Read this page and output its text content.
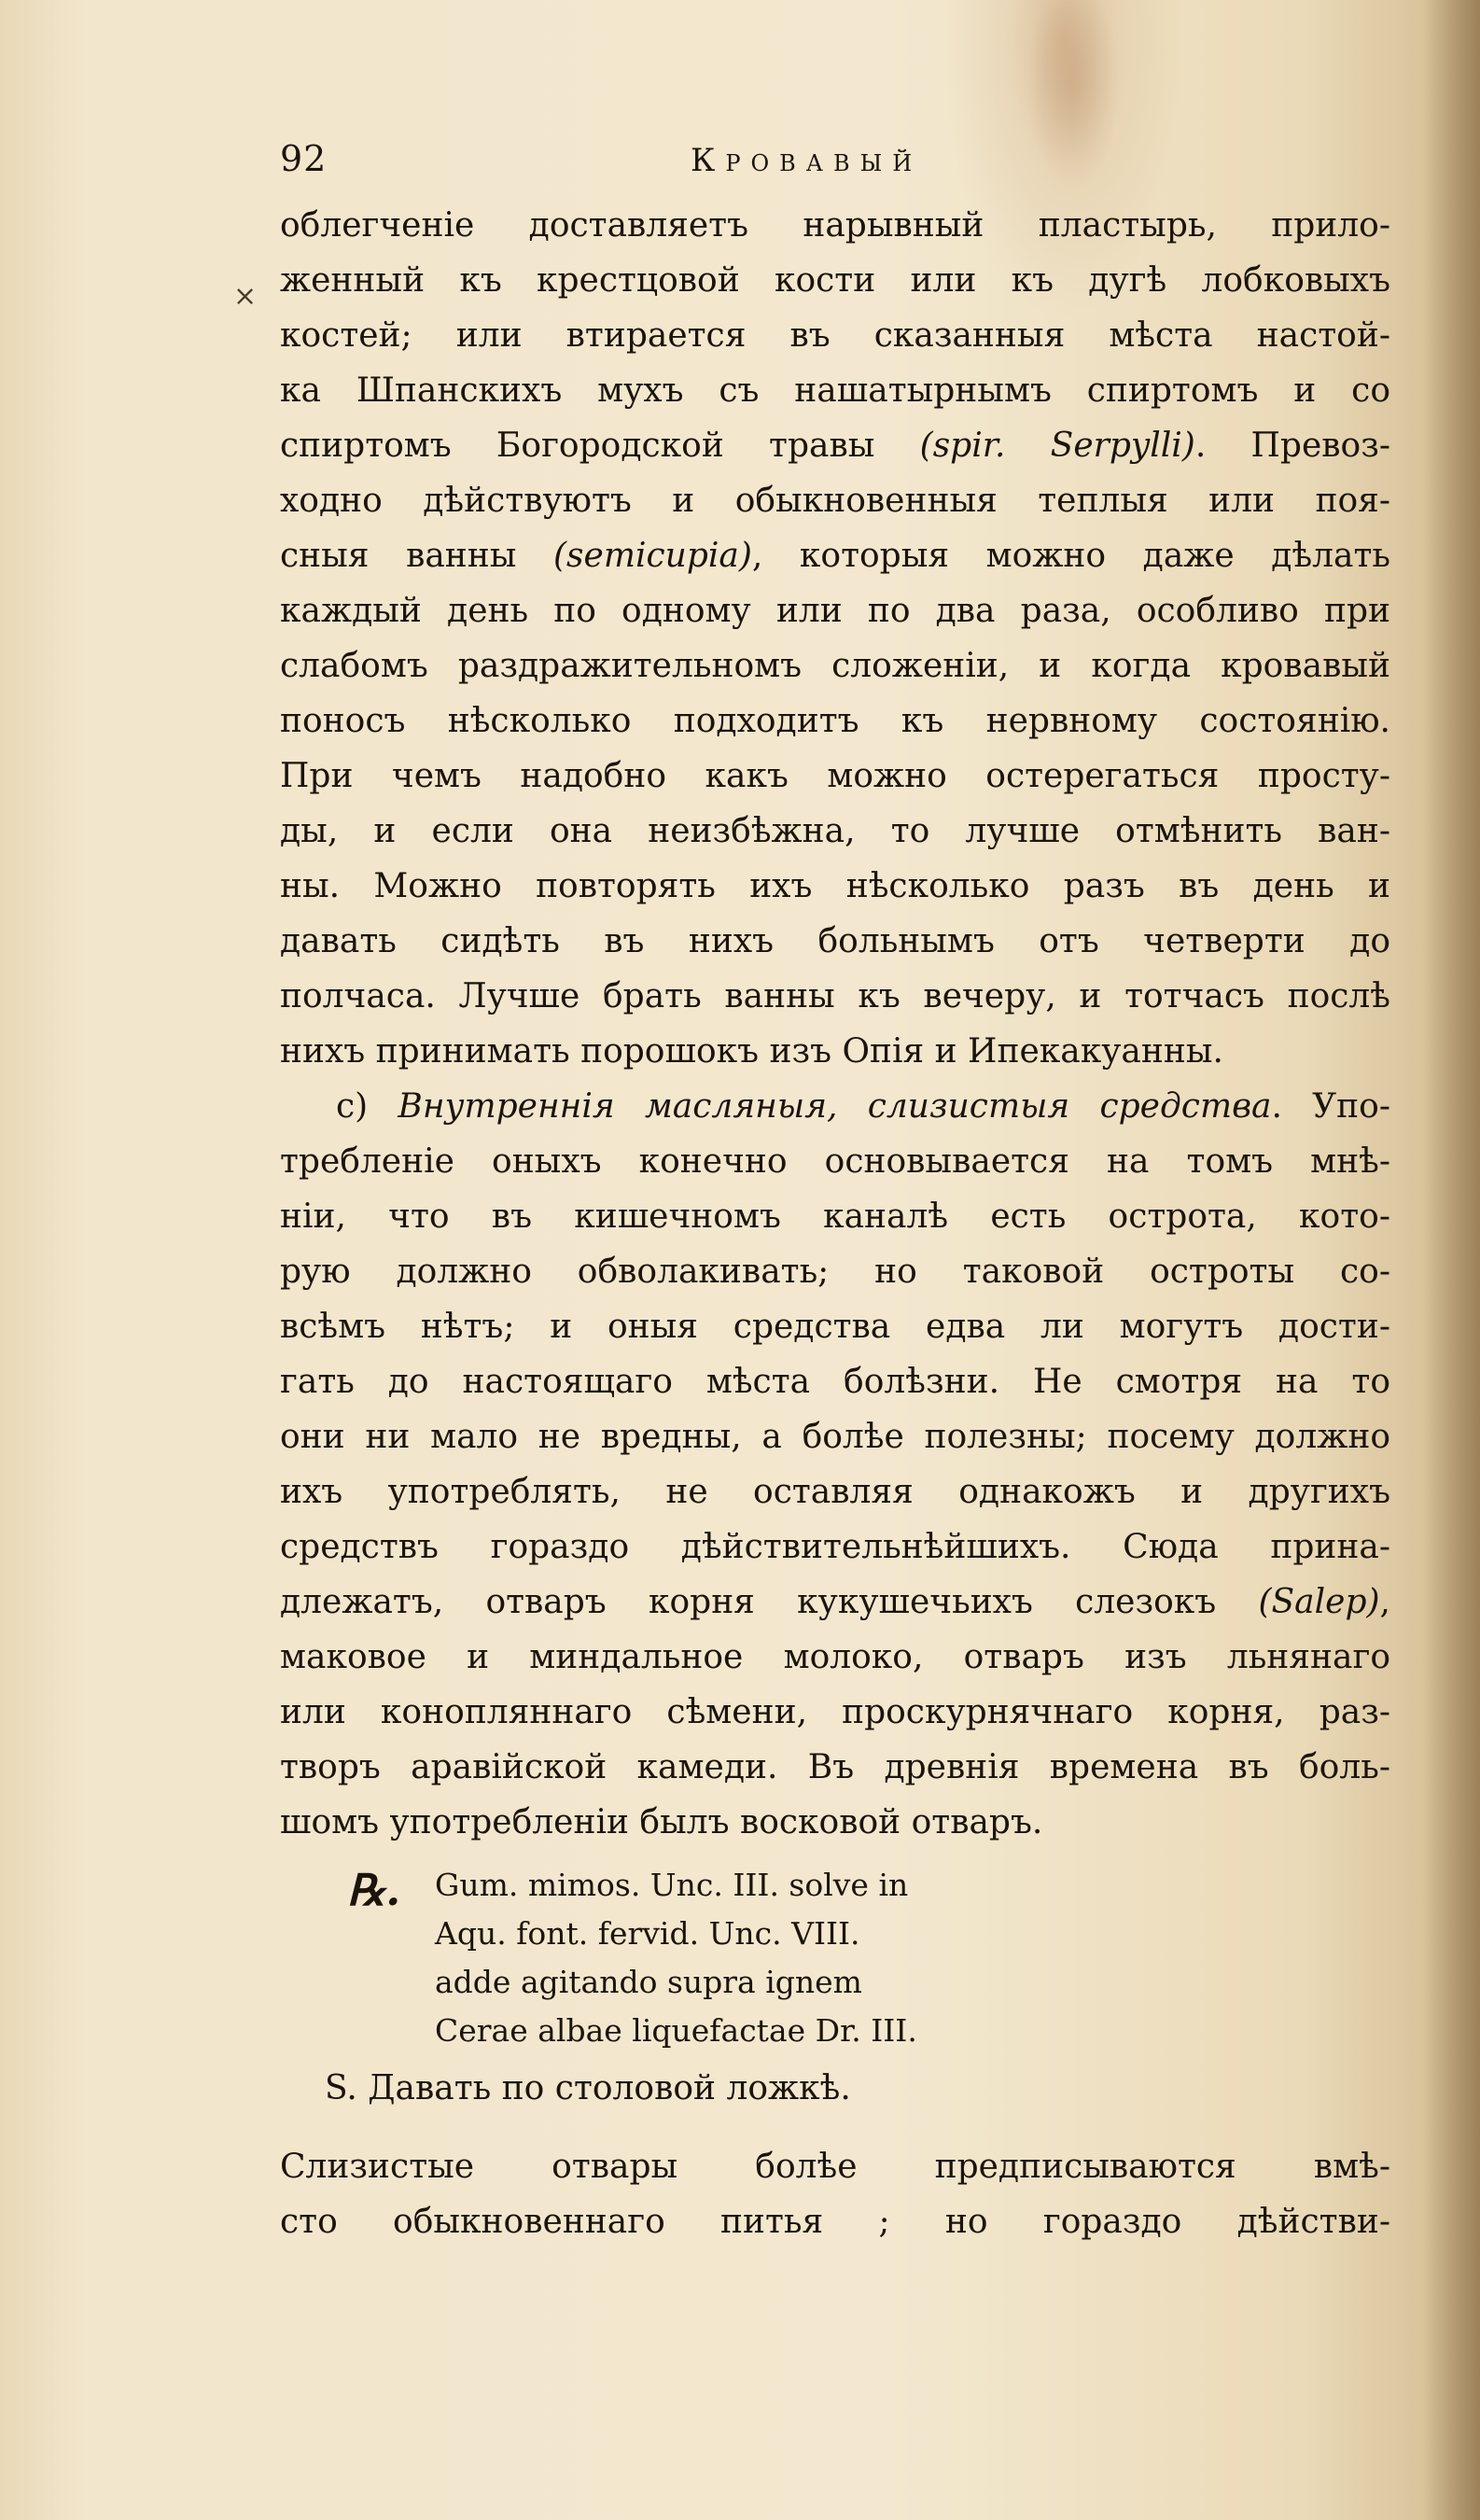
⨯
92	Кровавый
облегченіе доставляетъ нарывный пластырь, прило-
женный къ крестцовой кости или къ дугѣ лобковыхъ
костей; или втирается въ сказанныя мѣста настой-
ка Шпанскихъ мухъ съ нашатырнымъ спиртомъ и со
спиртомъ Богородской травы (spir. Serpylli). Превоз-
ходно дѣйствуютъ и обыкновенныя теплыя или поя-
сныя ванны (semicupia), которыя можно даже дѣлать
каждый день по одному или по два раза, особливо при
слабомъ раздражительномъ сложеніи, и когда кровавый
поносъ нѣсколько подходитъ къ нервному состоянію.
При чемъ надобно какъ можно остерегаться просту-
ды, и если она неизбѣжна, то лучше отмѣнить ван-
ны. Можно повторять ихъ нѣсколько разъ въ день и
давать сидѣть въ нихъ больнымъ отъ четверти до
полчаса. Лучше брать ванны къ вечеру, и тотчасъ послѣ
нихъ принимать порошокъ изъ Опія и Ипекакуанны.
c) Внутреннія масляныя, слизистыя средства. Упо-
требленіе оныхъ конечно основывается на томъ мнѣ-
ніи, что въ кишечномъ каналѣ есть острота, кото-
рую должно обволакивать; но таковой остроты со-
всѣмъ нѣтъ; и оныя средства едва ли могутъ дости-
гать до настоящаго мѣста болѣзни. Не смотря на то
они ни мало не вредны, а болѣе полезны; посему должно
ихъ употреблять, не оставляя однакожъ и другихъ
средствъ гораздо дѣйствительнѣйшихъ. Сюда прина-
длежатъ, отваръ корня кукушечьихъ слезокъ (Salep),
маковое и миндальное молоко, отваръ изъ льнянаго
или конопляннаго сѣмени, проскурнячнаго корня, раз-
творъ аравійской камеди. Въ древнія времена въ боль-
шомъ употребленіи былъ восковой отваръ.
℞.	Gum. mimos. Unc. III. solve in
Aqu. font. fervid. Unc. VIII.
adde agitando supra ignem
Cerae albae liquefactae Dr. III.
S. Давать по столовой ложкѣ.
Слизистые отвары болѣе предписываются вмѣ-
сто обыкновеннаго питья ; но гораздо дѣйстви-
